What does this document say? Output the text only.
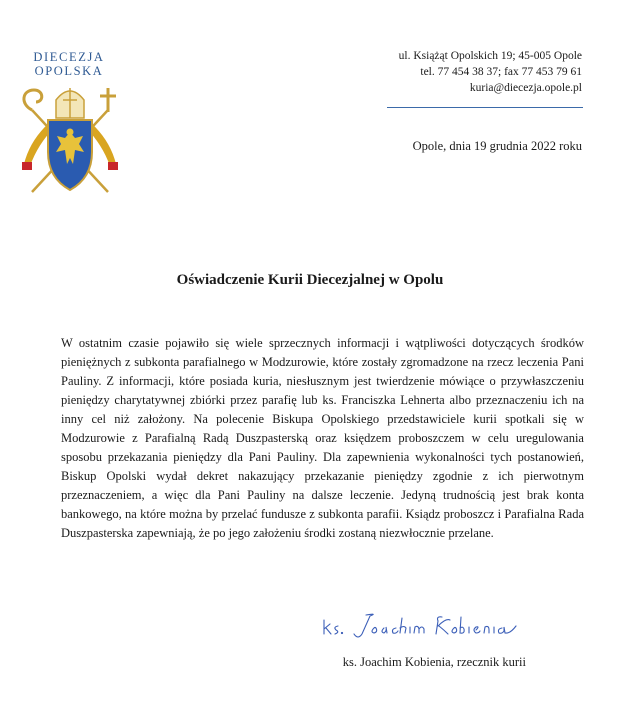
DIECEZJA
OPOLSKA
ul. Książąt Opolskich 19; 45-005 Opole
tel. 77 454 38 37; fax 77 453 79 61
kuria@diecezja.opole.pl
Opole, dnia 19 grudnia 2022 roku
Oświadczenie Kurii Diecezjalnej w Opolu
W ostatnim czasie pojawiło się wiele sprzecznych informacji i wątpliwości dotyczących środków pieniężnych z subkonta parafialnego w Modzurowie, które zostały zgromadzone na rzecz leczenia Pani Pauliny. Z informacji, które posiada kuria, niesłusznym jest twierdzenie mówiące o przywłaszczeniu pieniędzy charytatywnej zbiórki przez parafię lub ks. Franciszka Lehnerta albo przeznaczeniu ich na inny cel niż założony. Na polecenie Biskupa Opolskiego przedstawiciele kurii spotkali się w Modzurowie z Parafialną Radą Duszpasterską oraz księdzem proboszczem w celu uregulowania sposobu przekazania pieniędzy dla Pani Pauliny. Dla zapewnienia wykonalności tych postanowień, Biskup Opolski wydał dekret nakazujący przekazanie pieniędzy zgodnie z ich pierwotnym przeznaczeniem, a więc dla Pani Pauliny na dalsze leczenie. Jedyną trudnością jest brak konta bankowego, na które można by przelać fundusze z subkonta parafii. Ksiądz proboszcz i Parafialna Rada Duszpasterska zapewniają, że po jego założeniu środki zostaną niezwłocznie przelane.
ks. Joachim Kobienia, rzecznik kurii
